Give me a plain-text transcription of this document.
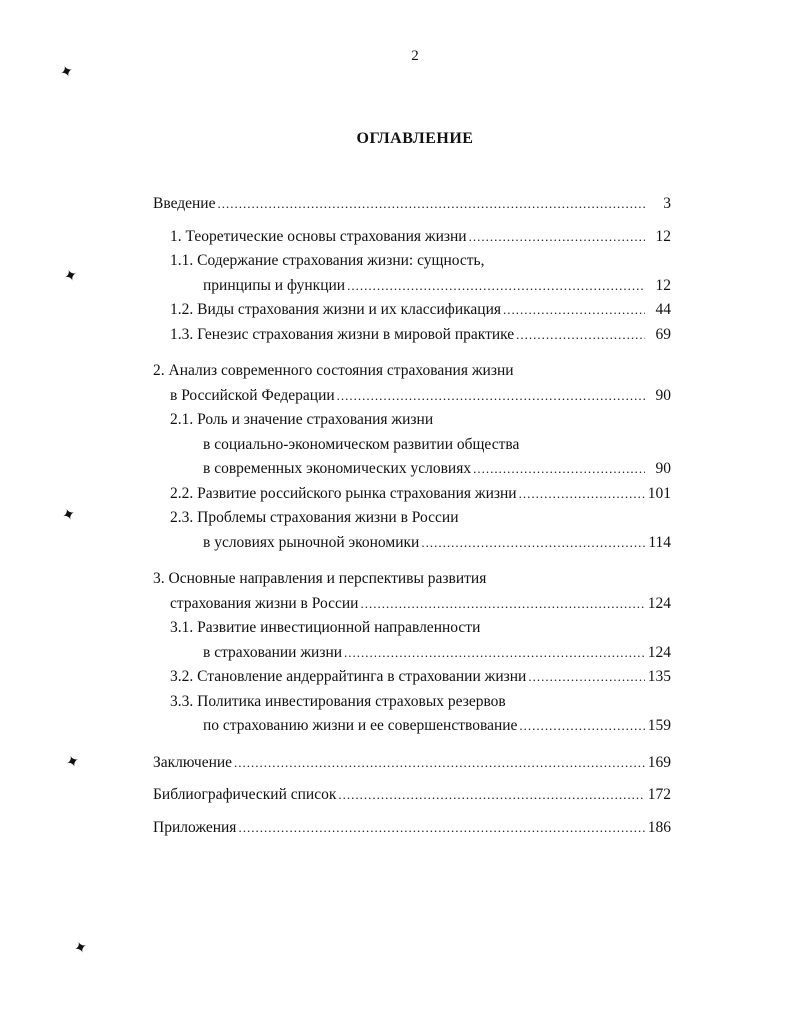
✦
✦
✦
✦
✦
2
ОГЛАВЛЕНИЕ
Введение .....	3
1. Теоретические основы страхования жизни .....	12
1.1. Содержание страхования жизни: сущность,
принципы и функции .....	12
1.2. Виды страхования жизни и их классификация .....	44
1.3. Генезис страхования жизни в мировой практике .....	69
2. Анализ современного состояния страхования жизни
в Российской Федерации .....	90
2.1. Роль и значение страхования жизни
в социально-экономическом развитии общества
в современных экономических условиях .....	90
2.2. Развитие российского рынка страхования жизни .....	101
2.3. Проблемы страхования жизни в России
в условиях рыночной экономики .....	114
3. Основные направления и перспективы развития
страхования жизни в России .....	124
3.1. Развитие инвестиционной направленности
в страховании жизни .....	124
3.2. Становление андеррайтинга в страховании жизни .....	135
3.3. Политика инвестирования страховых резервов
по страхованию жизни и ее совершенствование .....	159
Заключение .....	169
Библиографический список .....	172
Приложения .....	186
